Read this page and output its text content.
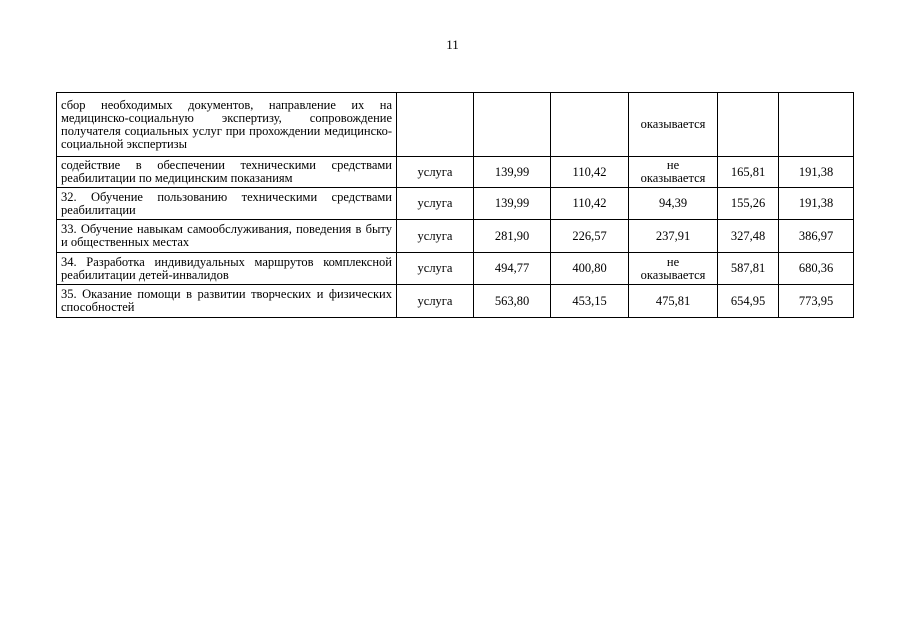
11
сбор необходимых документов, направление их на медицинско-социальную экспертизу, сопровождение получателя социальных услуг при прохождении медицинско-социальной экспертизы				оказывается		
содействие в обеспечении техническими средствами реабилитации по медицинским показаниям	услуга	139,99	110,42	не оказывается	165,81	191,38
32. Обучение пользованию техническими средствами реабилитации	услуга	139,99	110,42	94,39	155,26	191,38
33. Обучение навыкам самообслуживания, поведения в быту и общественных местах	услуга	281,90	226,57	237,91	327,48	386,97
34. Разработка индивидуальных маршрутов комплексной реабилитации детей-инвалидов	услуга	494,77	400,80	не оказывается	587,81	680,36
35. Оказание помощи в развитии творческих и физических способностей	услуга	563,80	453,15	475,81	654,95	773,95
